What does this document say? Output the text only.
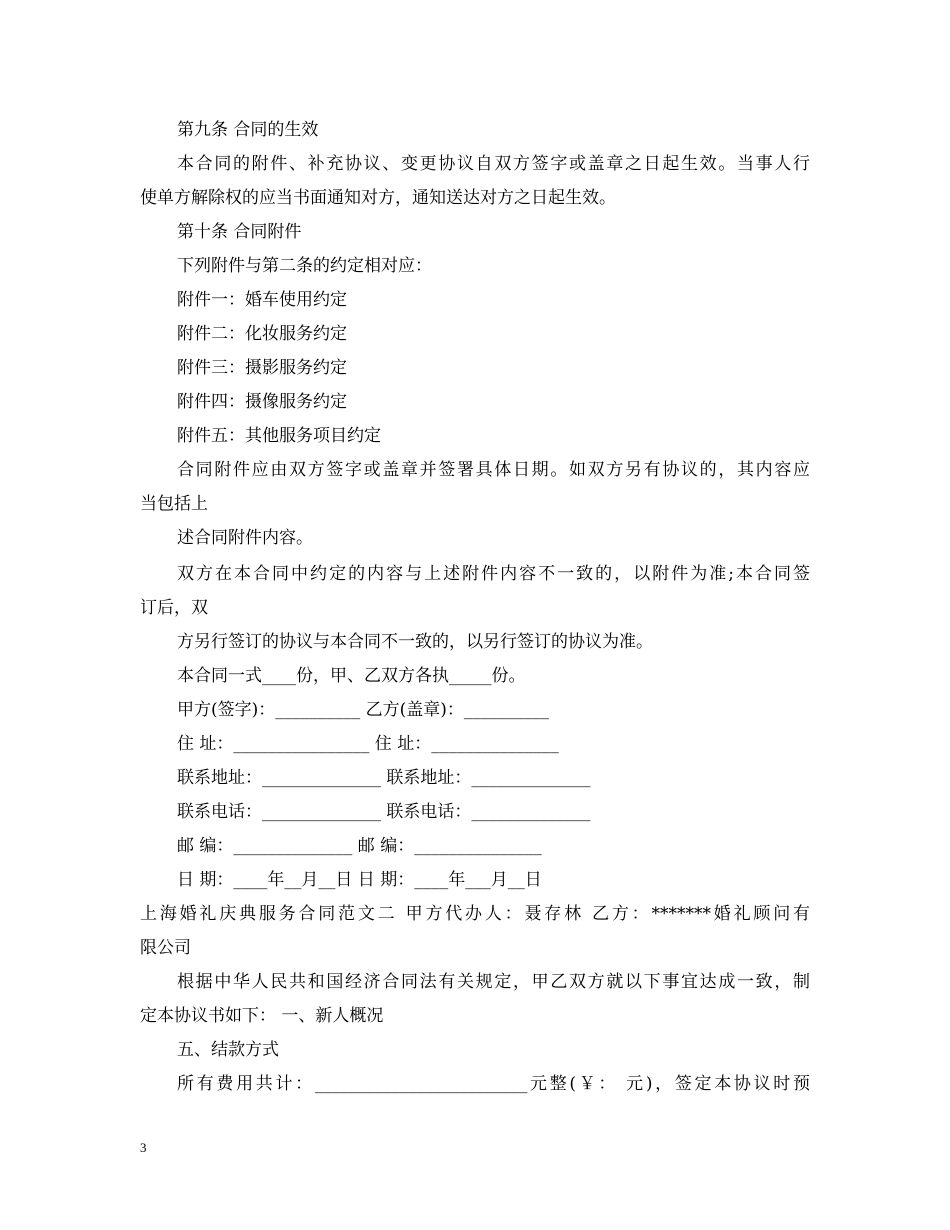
第九条 合同的生效
本合同的附件、补充协议、变更协议自双方签字或盖章之日起生效。当事人行
使单方解除权的应当书面通知对方，通知送达对方之日起生效。
第十条 合同附件
下列附件与第二条的约定相对应：
附件一：婚车使用约定
附件二：化妆服务约定
附件三：摄影服务约定
附件四：摄像服务约定
附件五：其他服务项目约定
合同附件应由双方签字或盖章并签署具体日期。如双方另有协议的，其内容应
当包括上
述合同附件内容。
双方在本合同中约定的内容与上述附件内容不一致的，以附件为准;本合同签
订后，双
方另行签订的协议与本合同不一致的，以另行签订的协议为准。
本合同一式____份，甲、乙双方各执_____份。
甲方(签字)：__________ 乙方(盖章)：__________
住 址：________________ 住 址：_______________
联系地址：______________ 联系地址：______________
联系电话：______________ 联系电话：______________
邮 编：______________ 邮 编：_______________
日 期：____年__月__日 日 期：____年___月__日
上海婚礼庆典服务合同范文二 甲方代办人：聂存林 乙方：*******婚礼顾问有
限公司
根据中华人民共和国经济合同法有关规定，甲乙双方就以下事宜达成一致，制
定本协议书如下： 一、新人概况
五、结款方式
所有费用共计：_________________________元整(￥： 元)，签定本协议时预
3
